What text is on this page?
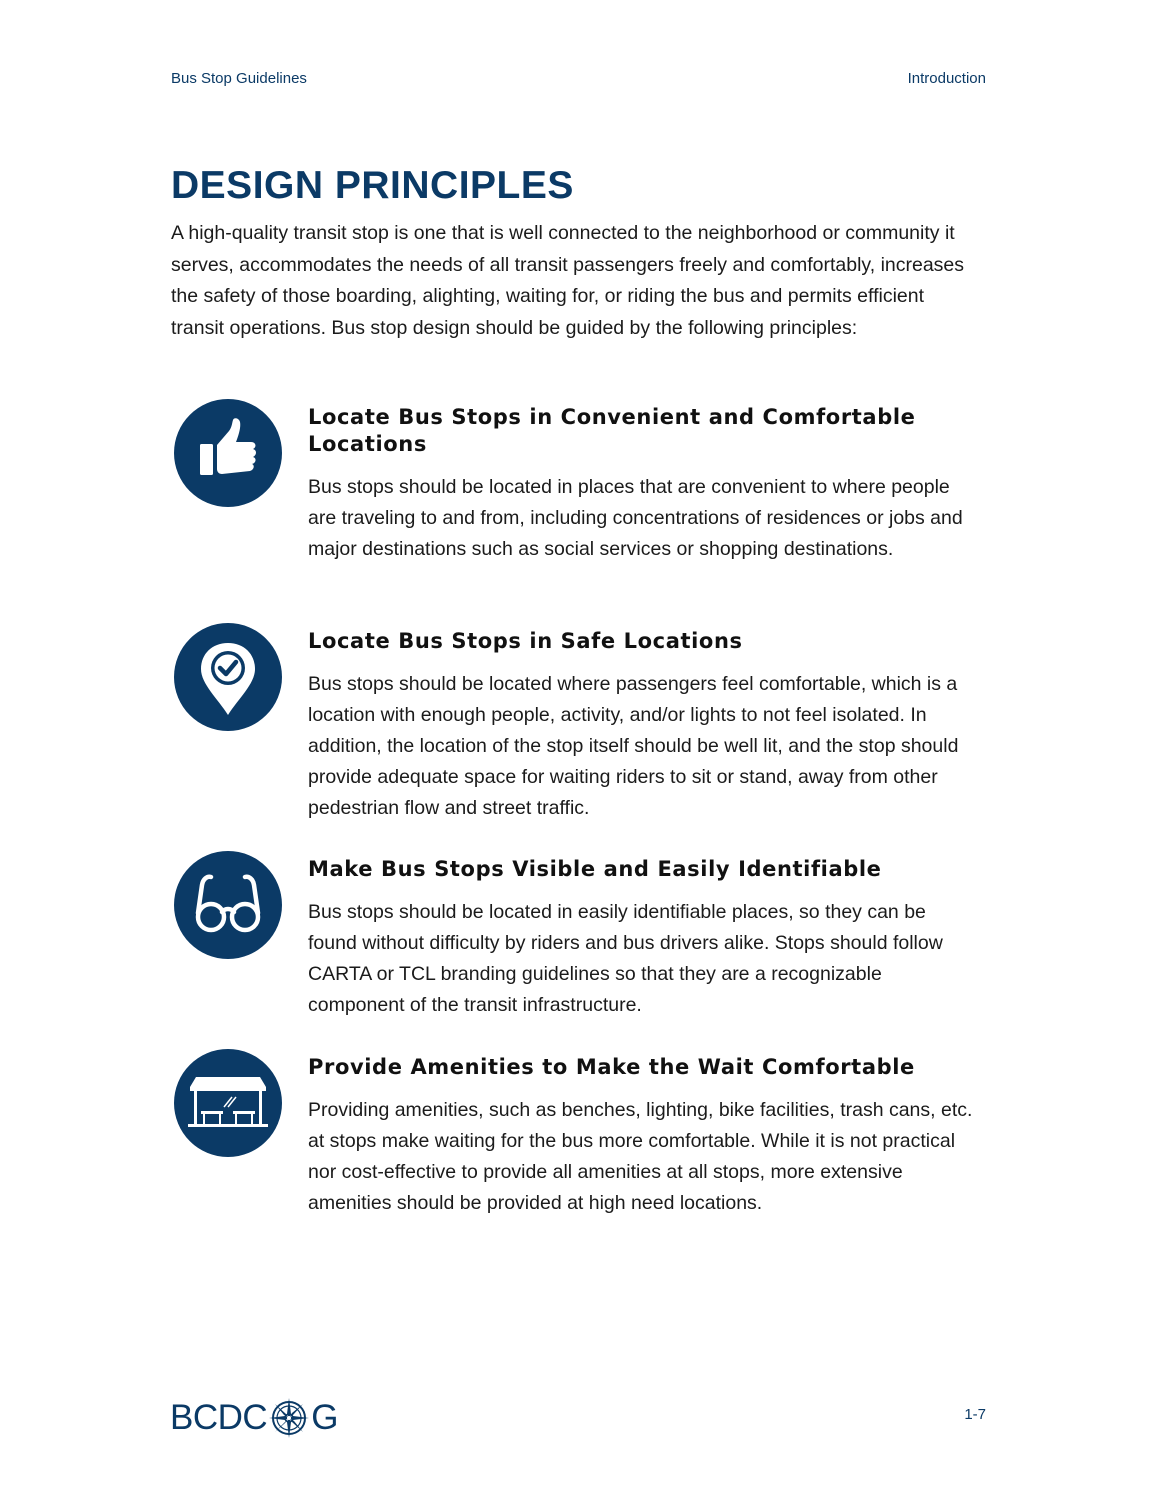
Bus Stop Guidelines	Introduction
DESIGN PRINCIPLES

A high-quality transit stop is one that is well connected to the neighborhood or community it serves, accommodates the needs of all transit passengers freely and comfortably, increases the safety of those boarding, alighting, waiting for, or riding the bus and permits efficient transit operations. Bus stop design should be guided by the following principles:

Locate Bus Stops in Convenient and Comfortable Locations

Bus stops should be located in places that are convenient to where people are traveling to and from, including concentrations of residences or jobs and major destinations such as social services or shopping destinations.

Locate Bus Stops in Safe Locations

Bus stops should be located where passengers feel comfortable, which is a location with enough people, activity, and/or lights to not feel isolated. In addition, the location of the stop itself should be well lit, and the stop should provide adequate space for waiting riders to sit or stand, away from other pedestrian flow and street traffic.

Make Bus Stops Visible and Easily Identifiable

Bus stops should be located in easily identifiable places, so they can be found without difficulty by riders and bus drivers alike. Stops should follow CARTA or TCL branding guidelines so that they are a recognizable component of the transit infrastructure.

Provide Amenities to Make the Wait Comfortable

Providing amenities, such as benches, lighting, bike facilities, trash cans, etc. at stops make waiting for the bus more comfortable. While it is not practical nor cost-effective to provide all amenities at all stops, more extensive amenities should be provided at high need locations.

BCDC G	1-7
